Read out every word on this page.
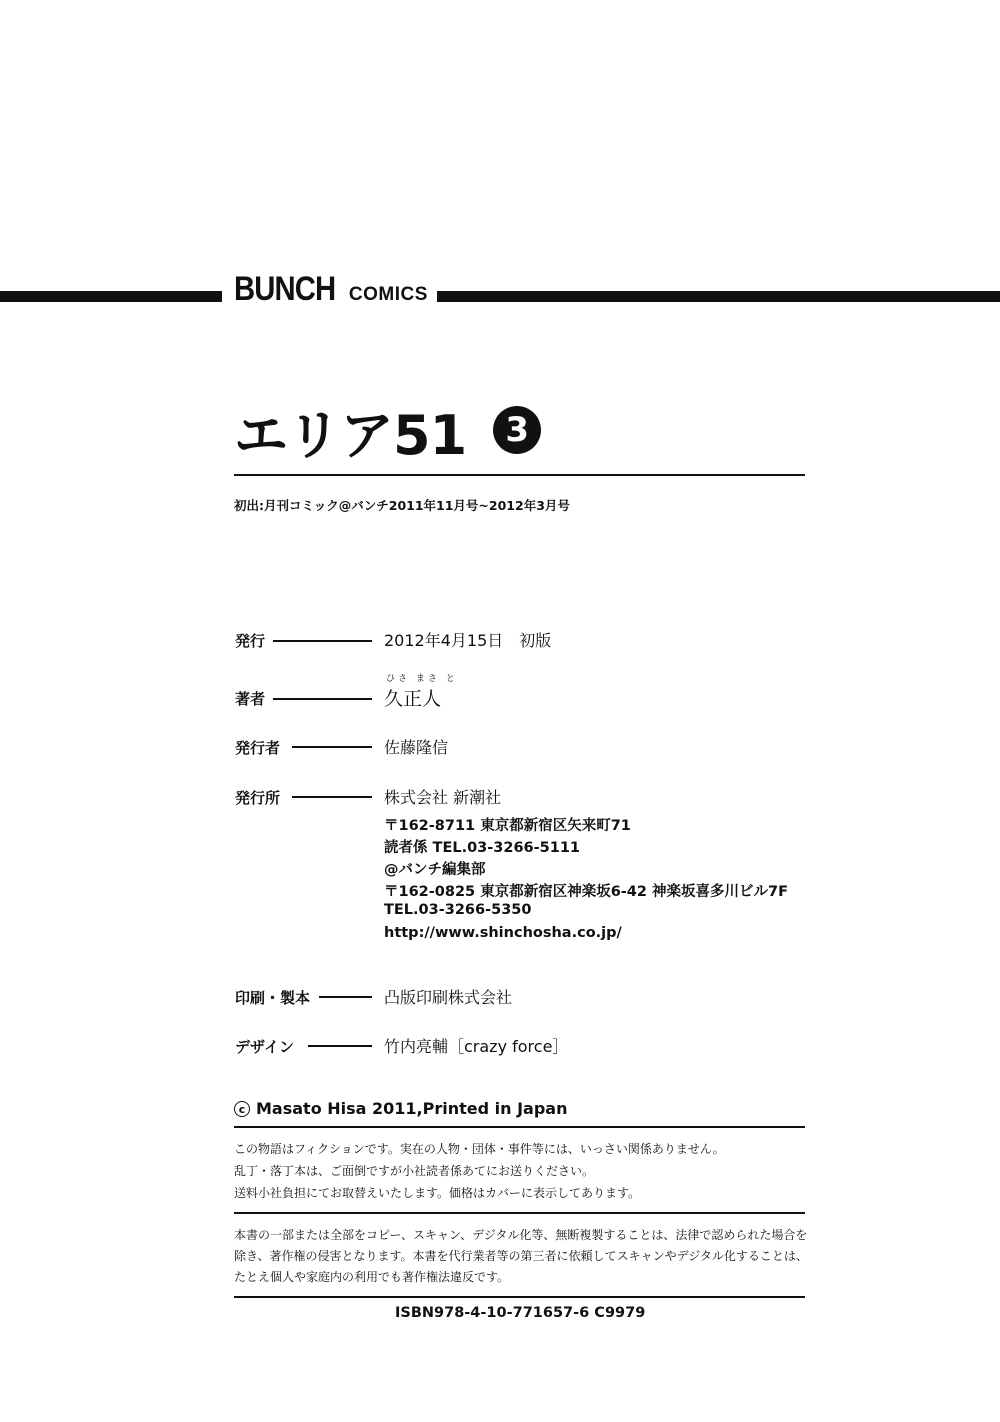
BUNCH COMICS
エリア51 3
初出:月刊コミック@バンチ2011年11月号~2012年3月号
発行	2012年4月15日　初版
ひさ まさ と
著者	久正人
発行者	佐藤隆信
発行所	株式会社 新潮社
〒162-8711 東京都新宿区矢来町71
読者係 TEL.03-3266-5111
@バンチ編集部
〒162-0825 東京都新宿区神楽坂6-42 神楽坂喜多川ビル7F
TEL.03-3266-5350
http://www.shinchosha.co.jp/
印刷・製本	凸版印刷株式会社
デザイン	竹内亮輔［crazy force］
c Masato Hisa 2011,Printed in Japan
この物語はフィクションです。実在の人物・団体・事件等には、いっさい関係ありません。
乱丁・落丁本は、ご面倒ですが小社読者係あてにお送りください。
送料小社負担にてお取替えいたします。価格はカバーに表示してあります。
本書の一部または全部をコピー、スキャン、デジタル化等、無断複製することは、法律で認められた場合を
除き、著作権の侵害となります。本書を代行業者等の第三者に依頼してスキャンやデジタル化することは、
たとえ個人や家庭内の利用でも著作権法違反です。
ISBN978-4-10-771657-6 C9979
